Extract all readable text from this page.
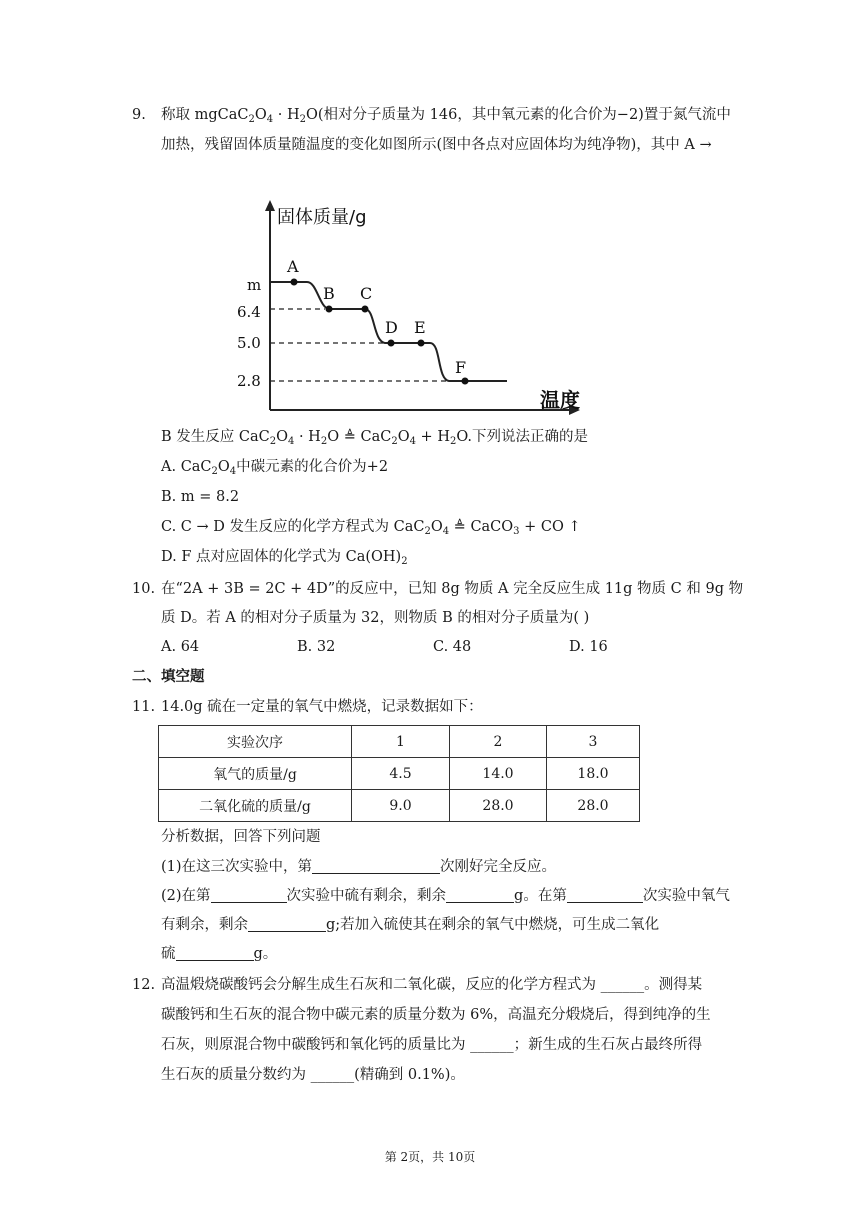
9. 称取 $mgCaC_2O_4 \cdot H_2O$(相对分子质量为 146，其中氧元素的化合价为−2)置于氮气流中
加热，残留固体质量随温度的变化如图所示(图中各点对应固体均为纯净物)，其中 A →
固体质量/g
温度
m
6.4
5.0
2.8
A
B C
D E
F
B 发生反应 $CaC_2O_4 \cdot H_2O$ ≜ $CaC_2O_4 + H_2O$.下列说法正确的是
A. $CaC_2O_4$中碳元素的化合价为+2
B. m = 8.2
C. C → D 发生反应的化学方程式为 $CaC_2O_4$ ≜ CaCO$_3$ + CO ↑
D. F 点对应固体的化学式为 $Ca(OH)_2$
10. 在“2A + 3B = 2C + 4D”的反应中，已知 8g 物质 A 完全反应生成 11g 物质 C 和 9g 物
质 D。若 A 的相对分子质量为 32，则物质 B 的相对分子质量为( )
A. 64	B. 32	C. 48	D. 16
二、填空题
11. 14.0g 硫在一定量的氧气中燃烧，记录数据如下：
实验次序	1	2	3
氧气的质量/g	4.5	14.0	18.0
二氧化硫的质量/g	9.0	28.0	28.0
分析数据，回答下列问题
(1)在这三次实验中，第	次刚好完全反应。
(2)在第	次实验中硫有剩余，剩余	g。在第	次实验中氧气
有剩余，剩余	g;若加入硫使其在剩余的氧气中燃烧，可生成二氧化
硫	g。
12. 高温煅烧碳酸钙会分解生成生石灰和二氧化碳，反应的化学方程式为 ______。测得某
碳酸钙和生石灰的混合物中碳元素的质量分数为 6%，高温充分煅烧后，得到纯净的生
石灰，则原混合物中碳酸钙和氧化钙的质量比为 ______；新生成的生石灰占最终所得
生石灰的质量分数约为 ______(精确到 0.1%)。
第 2页，共 10页
